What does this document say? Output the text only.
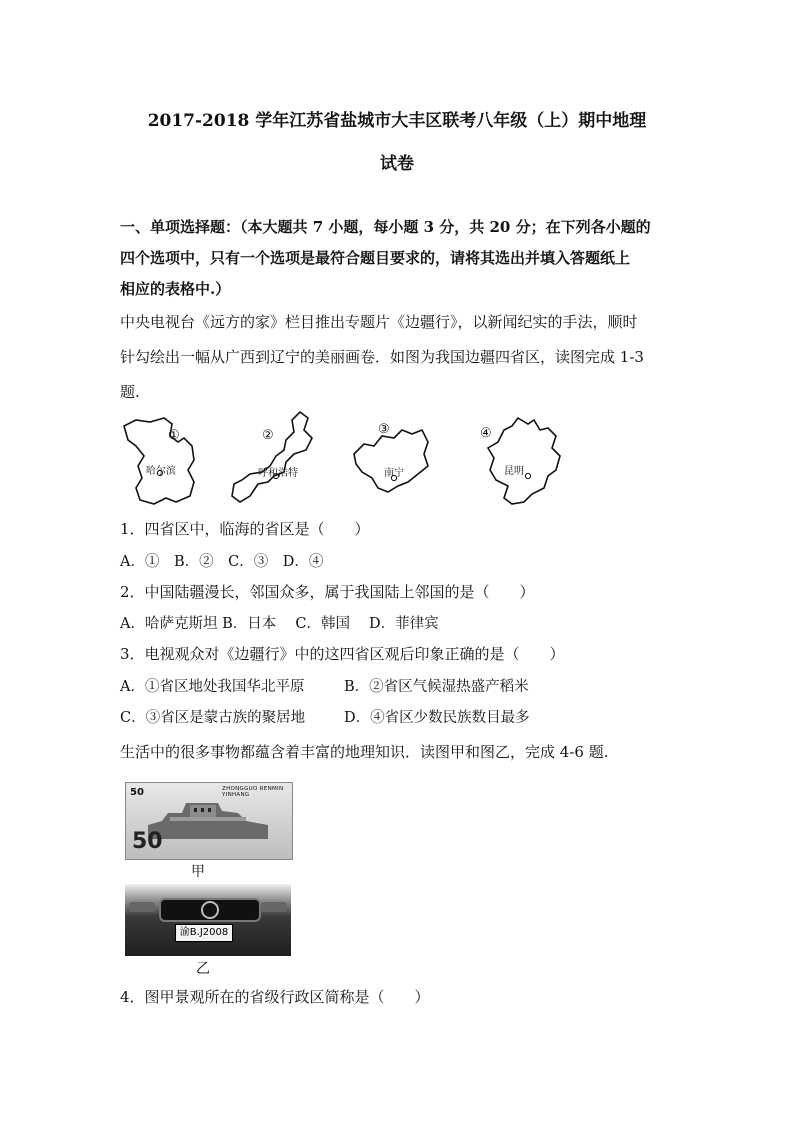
2017-2018 学年江苏省盐城市大丰区联考八年级（上）期中地理
试卷
一、单项选择题：（本大题共 7 小题，每小题 3 分，共 20 分；在下列各小题的
四个选项中，只有一个选项是最符合题目要求的，请将其选出并填入答题纸上
相应的表格中.）
中央电视台《远方的家》栏目推出专题片《边疆行》，以新闻纪实的手法，顺时
针勾绘出一幅从广西到辽宁的美丽画卷．如图为我国边疆四省区，读图完成 1-3
题.
①
哈尔滨
②
呼和浩特
③
南宁
④
昆明
1．四省区中，临海的省区是（　　）
A．①　B．②　C．③　D．④
2．中国陆疆漫长，邻国众多，属于我国陆上邻国的是（　　）
A．哈萨克斯坦 B．日本　 C．韩国　 D．菲律宾
3．电视观众对《边疆行》中的这四省区观后印象正确的是（　　）
A．①省区地处我国华北平原	B．②省区气候湿热盛产稻米
C．③省区是蒙古族的聚居地	D．④省区少数民族数目最多
生活中的很多事物都蕴含着丰富的地理知识．读图甲和图乙，完成 4-6 题.
50	ZHONGGUO RENMIN YINHANG
50
甲
渝B.J2008
乙
4．图甲景观所在的省级行政区简称是（　　）
